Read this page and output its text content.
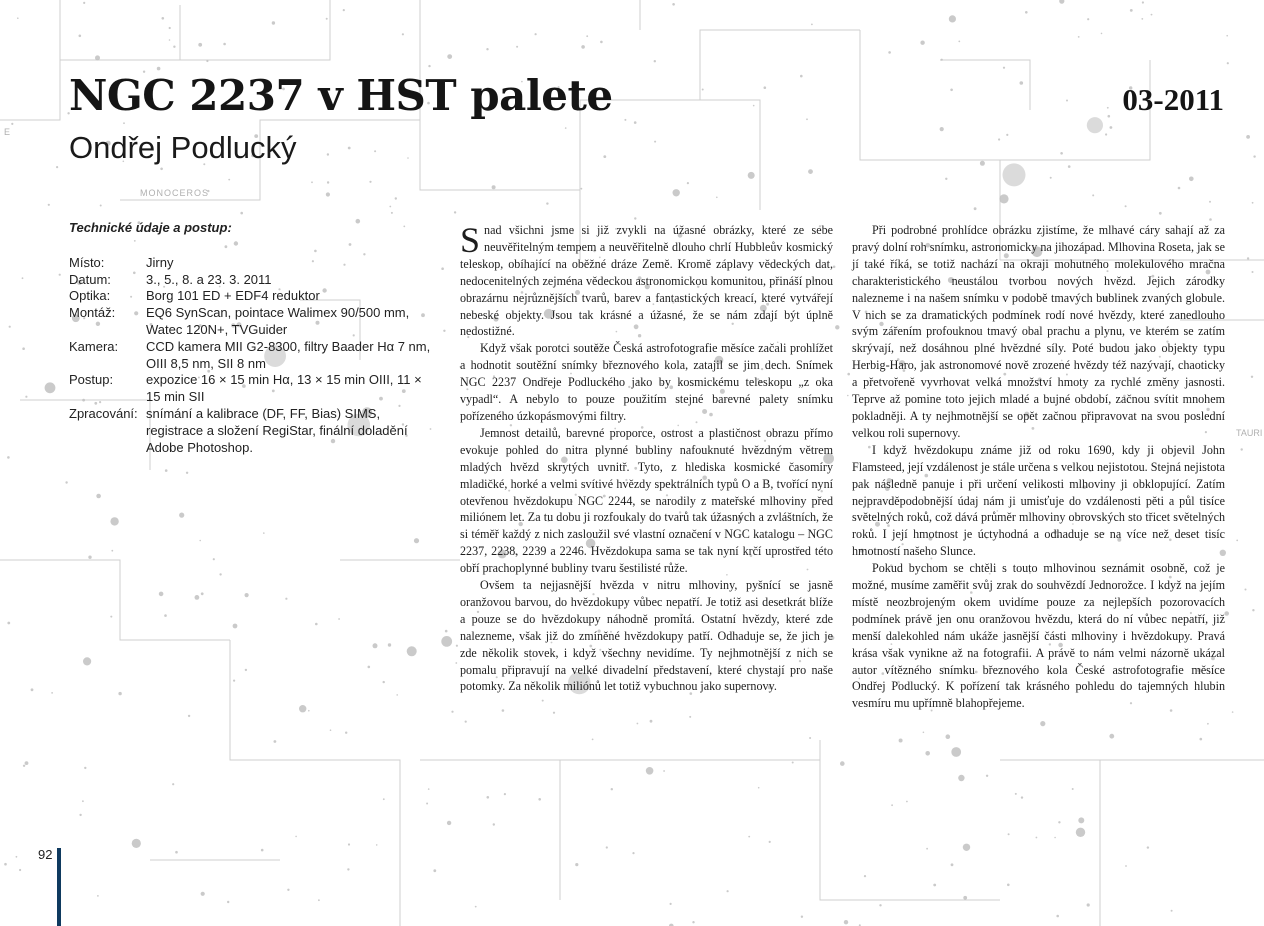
MONOCEROS
E
TAURI
NGC 2237 v HST palete	03-2011
Ondřej Podlucký
Technické údaje a postup:
Místo:	Jirny
Datum:	3., 5., 8. a 23. 3. 2011
Optika:	Borg 101 ED + EDF4 reduktor
Montáž:	EQ6 SynScan, pointace Walimex 90/500 mm, Watec 120N+, TVGuider
Kamera:	CCD kamera MII G2-8300, filtry Baader Hα 7 nm, OIII 8,5 nm, SII 8 nm
Postup:	expozice 16 × 15 min Hα, 13 × 15 min OIII, 11 × 15 min SII
Zpracování: snímání a kalibrace (DF, FF, Bias) SIMS, registrace a složení RegiStar, finální doladění Adobe Photoshop.

Snad všichni jsme si již zvykli na úžasné obrázky, které ze sebe neuvěřitelným tempem a neuvěřitelně dlouho chrlí Hubbleův kosmický teleskop, obíhající na oběžné dráze Země. Kromě záplavy vědeckých dat, nedocenitelných zejména vědeckou astronomickou komunitou, přináší plnou obrazárnu nejrůznějších tvarů, barev a fantastických kreací, které vytvářejí nebeské objekty. Jsou tak krásné a úžasné, že se nám zdají být úplně nedostižné.

Když však porotci soutěže Česká astrofotografie měsíce začali prohlížet a hodnotit soutěžní snímky březnového kola, zatajil se jim dech. Snímek NGC 2237 Ondřeje Podluckého jako by kosmickému teleskopu „z oka vypadl“. A nebylo to pouze použitím stejné barevné palety snímku pořízeného úzkopásmovými filtry.

Jemnost detailů, barevné proporce, ostrost a plastičnost obrazu přímo evokuje pohled do nitra plynné bubliny nafouknuté hvězdným větrem mladých hvězd skrytých uvnitř. Tyto, z hlediska kosmické časomíry mladičké, horké a velmi svítivé hvězdy spektrálních typů O a B, tvořící nyní otevřenou hvězdokupu NGC 2244, se narodily z mateřské mlhoviny před miliónem let. Za tu dobu ji rozfoukaly do tvarů tak úžasných a zvláštních, že si téměř každý z nich zasloužil své vlastní označení v NGC katalogu – NGC 2237, 2238, 2239 a 2246. Hvězdokupa sama se tak nyní krčí uprostřed této obří prachoplynné bubliny tvaru šestilisté růže.

Ovšem ta nejjasnější hvězda v nitru mlhoviny, pyšnící se jasně oranžovou barvou, do hvězdokupy vůbec nepatří. Je totiž asi desetkrát blíže a pouze se do hvězdokupy náhodně promítá. Ostatní hvězdy, které zde nalezneme, však již do zmíněné hvězdokupy patří. Odhaduje se, že jich je zde několik stovek, i když všechny nevidíme. Ty nejhmotnější z nich se pomalu připravují na velké divadelní představení, které chystají pro naše potomky. Za několik miliónů let totiž vybuchnou jako supernovy.

Při podrobné prohlídce obrázku zjistíme, že mlhavé cáry sahají až za pravý dolní roh snímku, astronomicky na jihozápad. Mlhovina Roseta, jak se jí také říká, se totiž nachází na okraji mohutného molekulového mračna charakteristického neustálou tvorbou nových hvězd. Jejich zárodky nalezneme i na našem snímku v podobě tmavých bublinek zvaných globule. V nich se za dramatických podmínek rodí nové hvězdy, které zanedlouho svým zářením profouknou tmavý obal prachu a plynu, ve kterém se zatím skrývají, než dosáhnou plné hvězdné síly. Poté budou jako objekty typu Herbig-Haro, jak astronomové nově zrozené hvězdy též nazývají, chaoticky a přetvořeně vyvrhovat velká množství hmoty za rychlé změny jasnosti. Teprve až pomine toto jejich mladé a bujné období, začnou svítit mnohem pokladněji. A ty nejhmotnější se opět začnou připravovat na svou poslední velkou roli supernovy.

I když hvězdokupu známe již od roku 1690, kdy ji objevil John Flamsteed, její vzdálenost je stále určena s velkou nejistotou. Stejná nejistota pak následně panuje i při určení velikosti mlhoviny ji obklopující. Zatím nejpravděpodobnější údaj nám ji umisťuje do vzdálenosti pěti a půl tisíce světelných roků, což dává průměr mlhoviny obrovských sto třicet světelných roků. I její hmotnost je úctyhodná a odhaduje se na více než deset tisíc hmotností našeho Slunce.

Pokud bychom se chtěli s touto mlhovinou seznámit osobně, což je možné, musíme zaměřit svůj zrak do souhvězdí Jednorožce. I když na jejím místě neozbrojeným okem uvidíme pouze za nejlepších pozorovacích podmínek právě jen onu oranžovou hvězdu, která do ní vůbec nepatří, již menší dalekohled nám ukáže jasnější části mlhoviny i hvězdokupy. Pravá krása však vynikne až na fotografii. A právě to nám velmi názorně ukázal autor vítězného snímku březnového kola České astrofotografie měsíce Ondřej Podlucký. K pořízení tak krásného pohledu do tajemných hlubin vesmíru mu upřímně blahopřejeme.

92
